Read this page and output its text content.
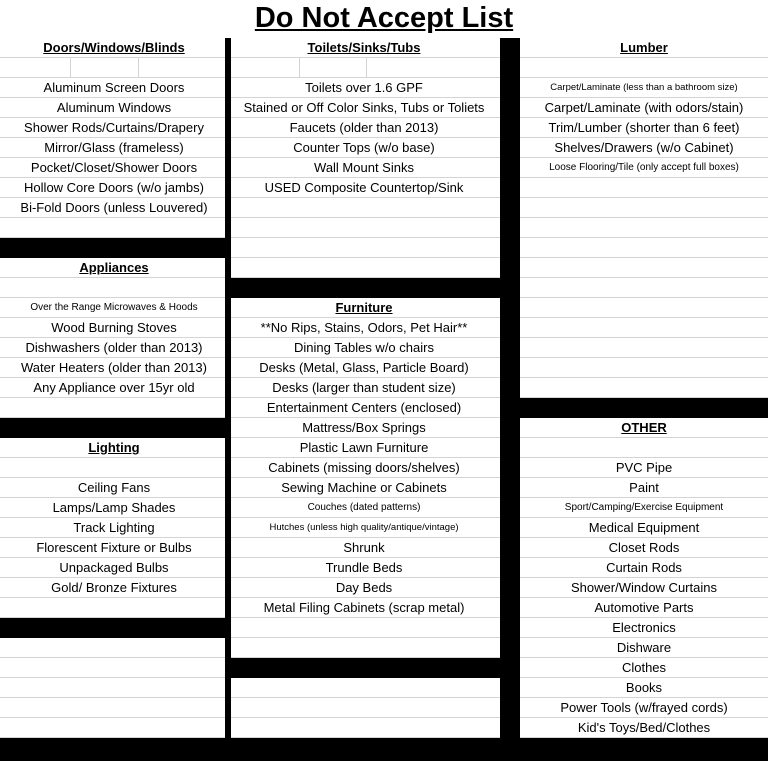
Do Not Accept List
Doors/Windows/Blinds
Aluminum Screen Doors
Aluminum Windows
Shower Rods/Curtains/Drapery
Mirror/Glass (frameless)
Pocket/Closet/Shower Doors
Hollow Core Doors (w/o jambs)
Bi-Fold Doors (unless Louvered)
Appliances
Over the Range Microwaves & Hoods
Wood Burning Stoves
Dishwashers (older than 2013)
Water Heaters (older than 2013)
Any Appliance over 15yr old
Lighting
Ceiling Fans
Lamps/Lamp Shades
Track Lighting
Florescent Fixture or Bulbs
Unpackaged Bulbs
Gold/ Bronze Fixtures
Toilets/Sinks/Tubs
Toilets over 1.6 GPF
Stained or Off Color Sinks, Tubs or Toliets
Faucets (older than 2013)
Counter Tops (w/o base)
Wall Mount Sinks
USED Composite Countertop/Sink
Furniture
**No Rips, Stains, Odors, Pet Hair**
Dining Tables w/o chairs
Desks (Metal, Glass, Particle Board)
Desks (larger than student size)
Entertainment Centers (enclosed)
Mattress/Box Springs
Plastic Lawn Furniture
Cabinets (missing doors/shelves)
Sewing Machine or Cabinets
Couches (dated patterns)
Hutches (unless high quality/antique/vintage)
Shrunk
Trundle Beds
Day Beds
Metal Filing Cabinets (scrap metal)
Lumber
Carpet/Laminate (less than a bathroom size)
Carpet/Laminate (with odors/stain)
Trim/Lumber (shorter than 6 feet)
Shelves/Drawers (w/o Cabinet)
Loose Flooring/Tile (only accept full boxes)
OTHER
PVC Pipe
Paint
Sport/Camping/Exercise Equipment
Medical Equipment
Closet Rods
Curtain Rods
Shower/Window Curtains
Automotive Parts
Electronics
Dishware
Clothes
Books
Power Tools (w/frayed cords)
Kid's Toys/Bed/Clothes
